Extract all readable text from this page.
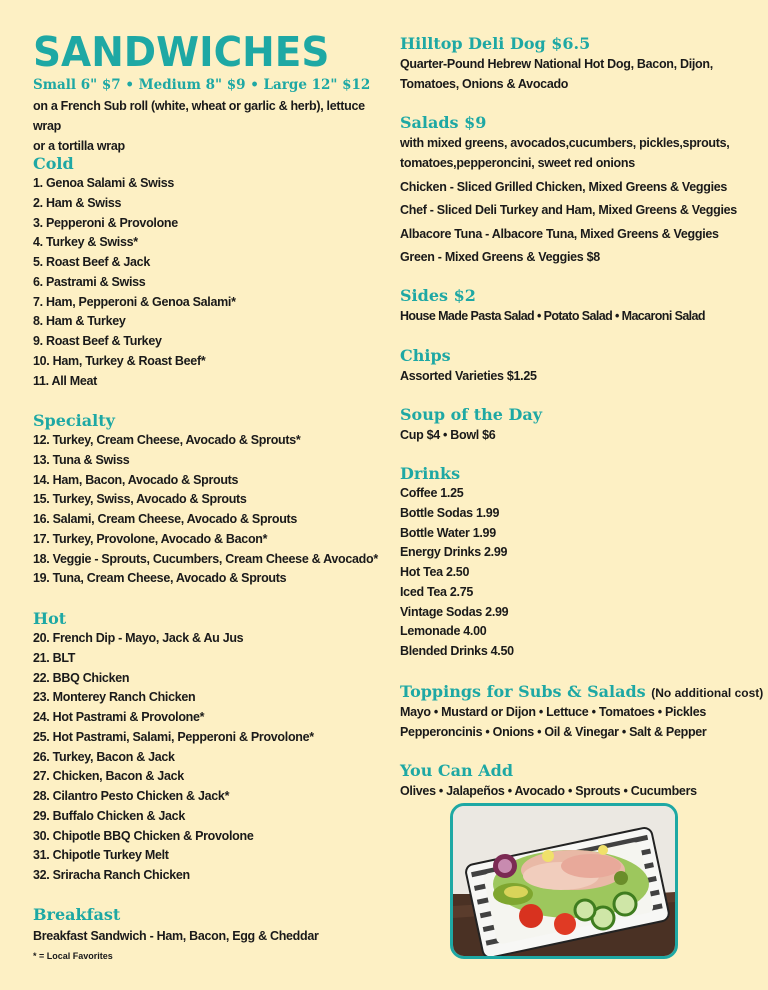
SANDWICHES
Small 6" $7 • Medium 8" $9 • Large 12" $12
on a French Sub roll (white, wheat or garlic & herb), lettuce wrap
or a tortilla wrap
Cold
1. Genoa Salami & Swiss
2. Ham & Swiss
3. Pepperoni & Provolone
4. Turkey & Swiss*
5. Roast Beef & Jack
6. Pastrami & Swiss
7. Ham, Pepperoni & Genoa Salami*
8. Ham & Turkey
9. Roast Beef & Turkey
10. Ham, Turkey & Roast Beef*
11. All Meat
Specialty
12. Turkey, Cream Cheese, Avocado & Sprouts*
13. Tuna & Swiss
14. Ham, Bacon, Avocado & Sprouts
15. Turkey, Swiss, Avocado & Sprouts
16. Salami, Cream Cheese, Avocado & Sprouts
17. Turkey, Provolone, Avocado & Bacon*
18. Veggie - Sprouts, Cucumbers, Cream Cheese & Avocado*
19. Tuna, Cream Cheese, Avocado & Sprouts
Hot
20. French Dip - Mayo, Jack & Au Jus
21. BLT
22. BBQ Chicken
23. Monterey Ranch Chicken
24. Hot Pastrami & Provolone*
25. Hot Pastrami, Salami, Pepperoni & Provolone*
26. Turkey, Bacon & Jack
27. Chicken, Bacon & Jack
28. Cilantro Pesto Chicken & Jack*
29. Buffalo Chicken & Jack
30. Chipotle BBQ Chicken & Provolone
31. Chipotle Turkey Melt
32. Sriracha Ranch Chicken
Breakfast
Breakfast Sandwich - Ham, Bacon, Egg & Cheddar
* = Local Favorites
Hilltop Deli Dog $6.5
Quarter-Pound Hebrew National Hot Dog, Bacon, Dijon,
Tomatoes, Onions & Avocado
Salads $9
with mixed greens, avocados,cucumbers, pickles,sprouts,
tomatoes,pepperoncini, sweet red onions
Chicken - Sliced Grilled Chicken, Mixed Greens & Veggies
Chef - Sliced Deli Turkey and Ham, Mixed Greens & Veggies
Albacore Tuna - Albacore Tuna, Mixed Greens & Veggies
Green - Mixed Greens & Veggies $8
Sides $2
House Made Pasta Salad • Potato Salad • Macaroni Salad
Chips
Assorted Varieties $1.25
Soup of the Day
Cup $4 • Bowl $6
Drinks
Coffee 1.25
Bottle Sodas 1.99
Bottle Water 1.99
Energy Drinks 2.99
Hot Tea 2.50
Iced Tea 2.75
Vintage Sodas 2.99
Lemonade 4.00
Blended Drinks 4.50
Toppings for Subs & Salads (No additional cost)
Mayo • Mustard or Dijon • Lettuce • Tomatoes • Pickles
Pepperoncinis • Onions • Oil & Vinegar • Salt & Pepper
You Can Add
Olives • Jalapeños • Avocado • Sprouts • Cucumbers
